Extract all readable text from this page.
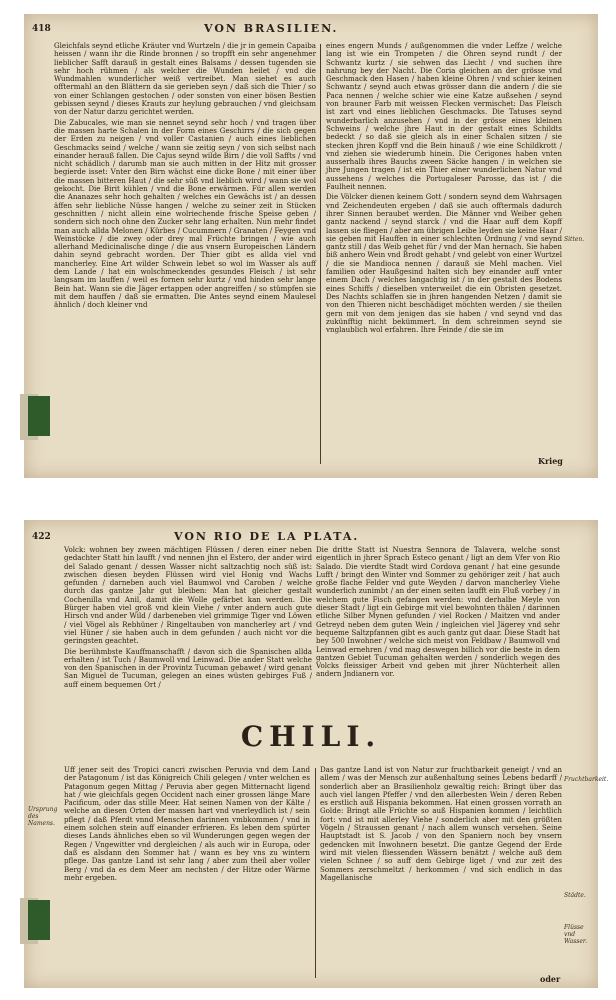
418	VON BRASILIEN.

Gleichfals seynd etliche Kräuter vnd Wurtzeln / die jr in gemein Capaiba heissen / wann ihr die Rinde bronnen / so tropfft ein sehr angenehmer lieblicher Safft darauß in gestalt eines Balsams / dessen tugenden sie sehr hoch rühmen / als welcher die Wunden heilet / vnd die Wundmahlen wunderlicher weiß vertreibet. Man siehet es auch offtermahl an den Blättern da sie gerieben seyn / daß sich die Thier / so von einer Schlangen gestochen / oder sonsten von einer bösen Bestien gebissen seynd / dieses Krauts zur heylung gebrauchen / vnd gleichsam von der Natur darzu gerichtet werden.

Die Zabucales, wie man sie nennet seynd sehr hoch / vnd tragen über die massen harte Schalen in der Form eines Geschirrs / die sich gegen der Erden zu neigen / vnd voller Castanien / auch eines lieblichen Geschmacks seind / welche / wann sie zeitig seyn / von sich selbst nach einander herauß fallen. Die Cajus seynd wilde Birn / die voll Saffts / vnd nicht schädlich / darumb man sie auch mitten in der Hitz mit grosser begierde isset: Vnter den Birn wächst eine dicke Bone / mit einer über die massen bitteren Haut / die sehr süß vnd lieblich wird / wann sie wol gekocht. Die Birit kühlen / vnd die Bone erwärmen. Für allen werden die Ananazes sehr hoch gehalten / welches ein Gewächs ist / an dessen äffen sehr liebliche Nüsse hangen / welche zu seiner zeit in Stücken geschnitten / nicht allein eine wolriechende frische Speise geben / sondern sich noch ohne den Zucker sehr lang erhalten. Nun mehr findet man auch allda Melonen / Kürbes / Cucummern / Granaten / Feygen vnd Weinstöcke / die zwey oder drey mal Früchte bringen / wie auch allerhand Medicinalische dinge / die aus vnsern Europeischen Ländern dahin seynd gebracht worden. Der Thier gibt es allda viel vnd mancherley. Eine Art wilder Schwein lebet so wol im Wasser als auff dem Lande / hat ein wolschmeckendes gesundes Fleisch / ist sehr langsam im lauffen / weil es fornen sehr kurtz / vnd hinden sehr lange Bein hat. Wann sie die Jäger ertappen oder angreiffen / so stümpfen sie mit dem hauffen / daß sie ermatten. Die Antes seynd einem Maulesel ähnlich / doch kleiner vnd

eines engern Munds / außgenommen die vnder Leffze / welche lang ist wie ein Trompeten / die Ohren seynd rundt / der Schwantz kurtz / sie sehwen das Liecht / vnd suchen ihre nahrung bey der Nacht. Die Coria gleichen an der grösse vnd Geschmack den Hasen / haben kleine Ohren / vnd schier keinen Schwantz / seynd auch etwas grösser dann die andern / die sie Paca nennen / welche schier wie eine Katze außsehen / seynd von brauner Farb mit weissen Flecken vermischet: Das Fleisch ist zart vnd eines lieblichen Geschmacks. Die Tatuses seynd wunderbarlich anzusehen / vnd in der grösse eines kleinen Schweins / welche jhre Haut in der gestalt eines Schildts bedeckt / so daß sie gleich als in einer Schalen sitzen / sie stecken jhren Kopff vnd die Bein hinauß / wie eine Schildkrott / vnd ziehen sie wiederumb hinein. Die Cerigones haben vnten ausserhalb ihres Bauchs zween Säcke hangen / in welchen sie jhre Jungen tragen / ist ein Thier einer wunderlichen Natur vnd aussehens / welches die Portugaleser Parosse, das ist / die Faulheit nennen.

Die Völcker dienen keinem Gott / sondern seynd dem Wahrsagen vnd Zeichendeuten ergeben / daß sie auch offtermals dadurch ihrer Sinnen beraubet werden. Die Männer vnd Weiber gehen gantz nackend / seynd starck / vnd die Haar auff dem Kopff lassen sie fliegen / aber am übrigen Leibe leyden sie keine Haar / sie geben mit Hauffen in einer schlechten Ordnung / vnd seynd gantz still / das Weib gehet für / vnd der Man hernach. Sie haben biß anhero Wein vnd Brodt gehabt / vnd gelebt von einer Wurtzel / die sie Mandioca nennen / darauß sie Mehl machen. Viel familien oder Haußgesind halten sich bey einander auff vnter einem Dach / welches langachtig ist / in der gestalt des Bodens eines Schiffs / dieselben vnterweilet die ein Obristen gesetzet. Des Nachts schlaffen sie in jhren hangenden Netzen / damit sie von den Thieren nicht beschädiget möchten werden / sie theilen gern mit von dem jenigen das sie haben / vnd seynd vnd das zukünfftig nicht bekümmert. In dem schreinmen seynd sie vnglaublich wol erfahren. Ihre Feinde / die sie im

Sitten.
Krieg
422	VON RIO DE LA PLATA.

Volck: wohnen bey zween mächtigen Flüssen / deren einer neben gedachter Statt hin laufft / vnd nennen jhn el Estero, der ander wird del Salado genant / dessen Wasser nicht saltzachtig noch süß ist: zwischen diesen beyden Flüssen wird viel Honig vnd Wachs gefunden / darneben auch viel Baumwol vnd Caroben / welche durch das gantze Jahr gut bleiben: Man hat gleicher gestalt Cochenilla vnd Anil, damit die Wolle gefärbet kan werden. Die Bürger haben viel groß vnd klein Viehe / vnter andern auch gute Hirsch vnd ander Wild / darbeneben viel grimmige Tiger vnd Löwen / viel Vögel als Rebhüner / Ringeltauben von mancherley art / vnd viel Hüner / sie haben auch in dem gefunden / auch nicht vor die geringsten geachtet.

Die berühmbste Kauffmanschafft / davon sich die Spanischen allda erhalten / ist Tuch / Baumwoll vnd Leinwad. Die ander Statt welche von den Spanischen in der Provintz Tucuman gebawet / wird genant San Miguel de Tucuman, gelegen an eines wüsten gebirges Fuß / auff einem bequemen Ort /

Die dritte Statt ist Nuestra Sennora de Talavera, welche sonst eigentlich in jhrer Sprach Esteco genant / ligt an dem Vfer von Rio Salado. Die vierdte Stadt wird Cordova genant / hat eine gesunde Lufft / bringt den Winter vnd Sommer zu gehöriger zeit / hat auch große flache Felder vnd gute Weyden / darvon mancherley Viehe wunderlich zunimbt / an der einen seiten laufft ein Fluß vorbey / in welchem gute Fisch gefangen werden: vnd derhalbe Meyle von dieser Stadt / ligt ein Gebirge mit viel bewohnten thälen / darinnen etliche Silber Mynen gefunden / viel Rocken / Maitzen vnd ander Getreyd neben dem guten Wein / ingleichen viel Jägerey vnd sehr bequeme Saltzpfannen gibt es auch gantz gut daar. Diese Stadt hat bey 500 Inwohner / welche sich meist von Feldbaw / Baumwoll vnd Leinwad ernehren / vnd mag deswegen billich vor die beste in dem gantzen Gebiet Tucuman gehalten werden / sonderlich wegen des Volcks fleissiger Arbeit vnd geben mit jhrer Nüchterheit allen andern Jndianern vor.

CHILI.

Uff jener seit des Tropici cancri zwischen Peruvia vnd dem Land der Patagonum / ist das Königreich Chili gelegen / vnter welchen es Patagonum gegen Mittag / Peruvia aber gegen Mitternacht ligend hat / wie gleichfals gegen Occident nach einer grossen länge Mare Pacificum, oder das stille Meer. Hat seinen Namen von der Kälte / welche an diesen Orten der massen hart vnd vnerleydlich ist / sein pflegt / daß Pferdt vnnd Menschen darinnen vmbkommen / vnd in einem solchen stein auff einander erfrieren. Es leben dem spürter dieses Lands ähnliches eben so vil Wunderungen gegen wegen der Regen / Vngewitter vnd dergleichen / als auch wir in Europa, oder daß es alsdann den Sommer hat / wann es bey vns zu wintern pflege. Das gantze Land ist sehr lang / aber zum theil aber voller Berg / vnd da es dem Meer am nechsten / der Hitze oder Wärme mehr ergeben.

Das gantze Land ist von Natur zur fruchtbarkeit geneigt / vnd an allem / was der Mensch zur außenhaltung seines Lebens bedarff / sonderlich aber an Brasilienholz gewaltig reich: Bringt über das auch viel langen Pfeffer / vnd den allerbesten Wein / deren Reben es erstlich auß Hispania bekommen. Hat einen grossen vorrath an Golde: Bringt alle Früchte so auß Hispanien kommen / leichtlich fort: vnd ist mit allerley Viehe / sonderlich aber mit den größten Vögeln / Straussen genant / nach allem wunsch versehen. Seine Hauptstadt ist S. Jacob / von den Spaniern noch bey vnsern gedencken mit Inwohnern besetzt. Die gantze Gegend der Erde wird mit vielen fliessenden Wässern benätzt / welche auß dem vielen Schnee / so auff dem Gebirge liget / vnd zur zeit des Sommers zerschmeltzt / herkommen / vnd sich endlich in das Magellanische

Ursprung des Namens.
Fruchtbarkeit.
Städte.
Flüsse vnd Wasser.
oder
